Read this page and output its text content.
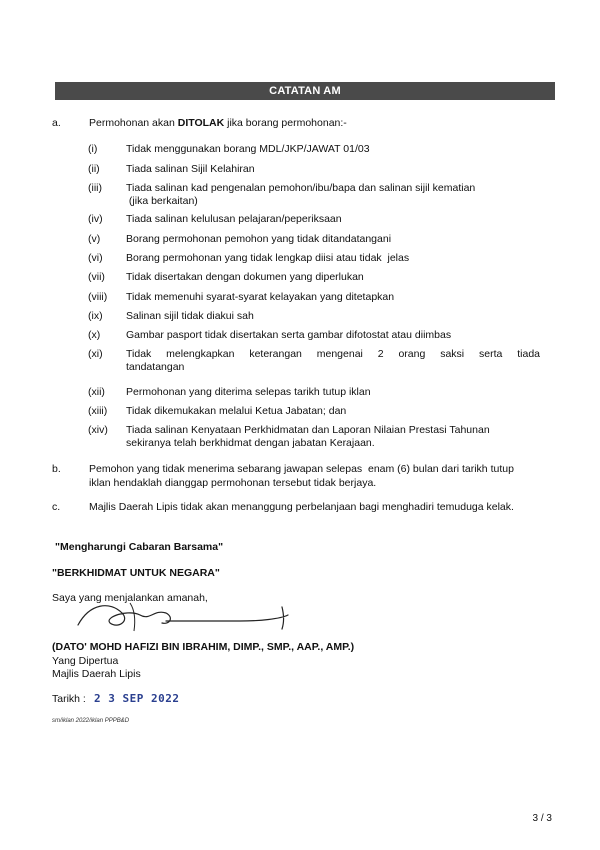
CATATAN AM
a.	Permohonan akan DITOLAK jika borang permohonan:-
(i)	Tidak menggunakan borang MDL/JKP/JAWAT 01/03
(ii)	Tiada salinan Sijil Kelahiran
(iii) Tiada salinan kad pengenalan pemohon/ibu/bapa dan salinan sijil kematian
(jika berkaitan)
(iv) Tiada salinan kelulusan pelajaran/peperiksaan
(v) Borang permohonan pemohon yang tidak ditandatangani
(vi) Borang permohonan yang tidak lengkap diisi atau tidak  jelas
(vii) Tidak disertakan dengan dokumen yang diperlukan
(viii) Tidak memenuhi syarat-syarat kelayakan yang ditetapkan
(ix) Salinan sijil tidak diakui sah
(x) Gambar pasport tidak disertakan serta gambar difotostat atau diimbas
(xi) Tidak melengkapkan keterangan mengenai 2 orang saksi serta tiada
tandatangan
(xii) Permohonan yang diterima selepas tarikh tutup iklan
(xiii) Tidak dikemukakan melalui Ketua Jabatan; dan
(xiv) Tiada salinan Kenyataan Perkhidmatan dan Laporan Nilaian Prestasi Tahunan
sekiranya telah berkhidmat dengan jabatan Kerajaan.
b.	Pemohon yang tidak menerima sebarang jawapan selepas  enam (6) bulan dari tarikh tutup
iklan hendaklah dianggap permohonan tersebut tidak berjaya.
c.	Majlis Daerah Lipis tidak akan menanggung perbelanjaan bagi menghadiri temuduga kelak.
"Mengharungi Cabaran Barsama"
"BERKHIDMAT UNTUK NEGARA"
Saya yang menjalankan amanah,
(DATO' MOHD HAFIZI BIN IBRAHIM, DIMP., SMP., AAP., AMP.)
Yang Dipertua
Majlis Daerah Lipis
Tarikh : 2 3 SEP 2022
sm/iklan 2022/iklan PPPB&D
3 / 3
